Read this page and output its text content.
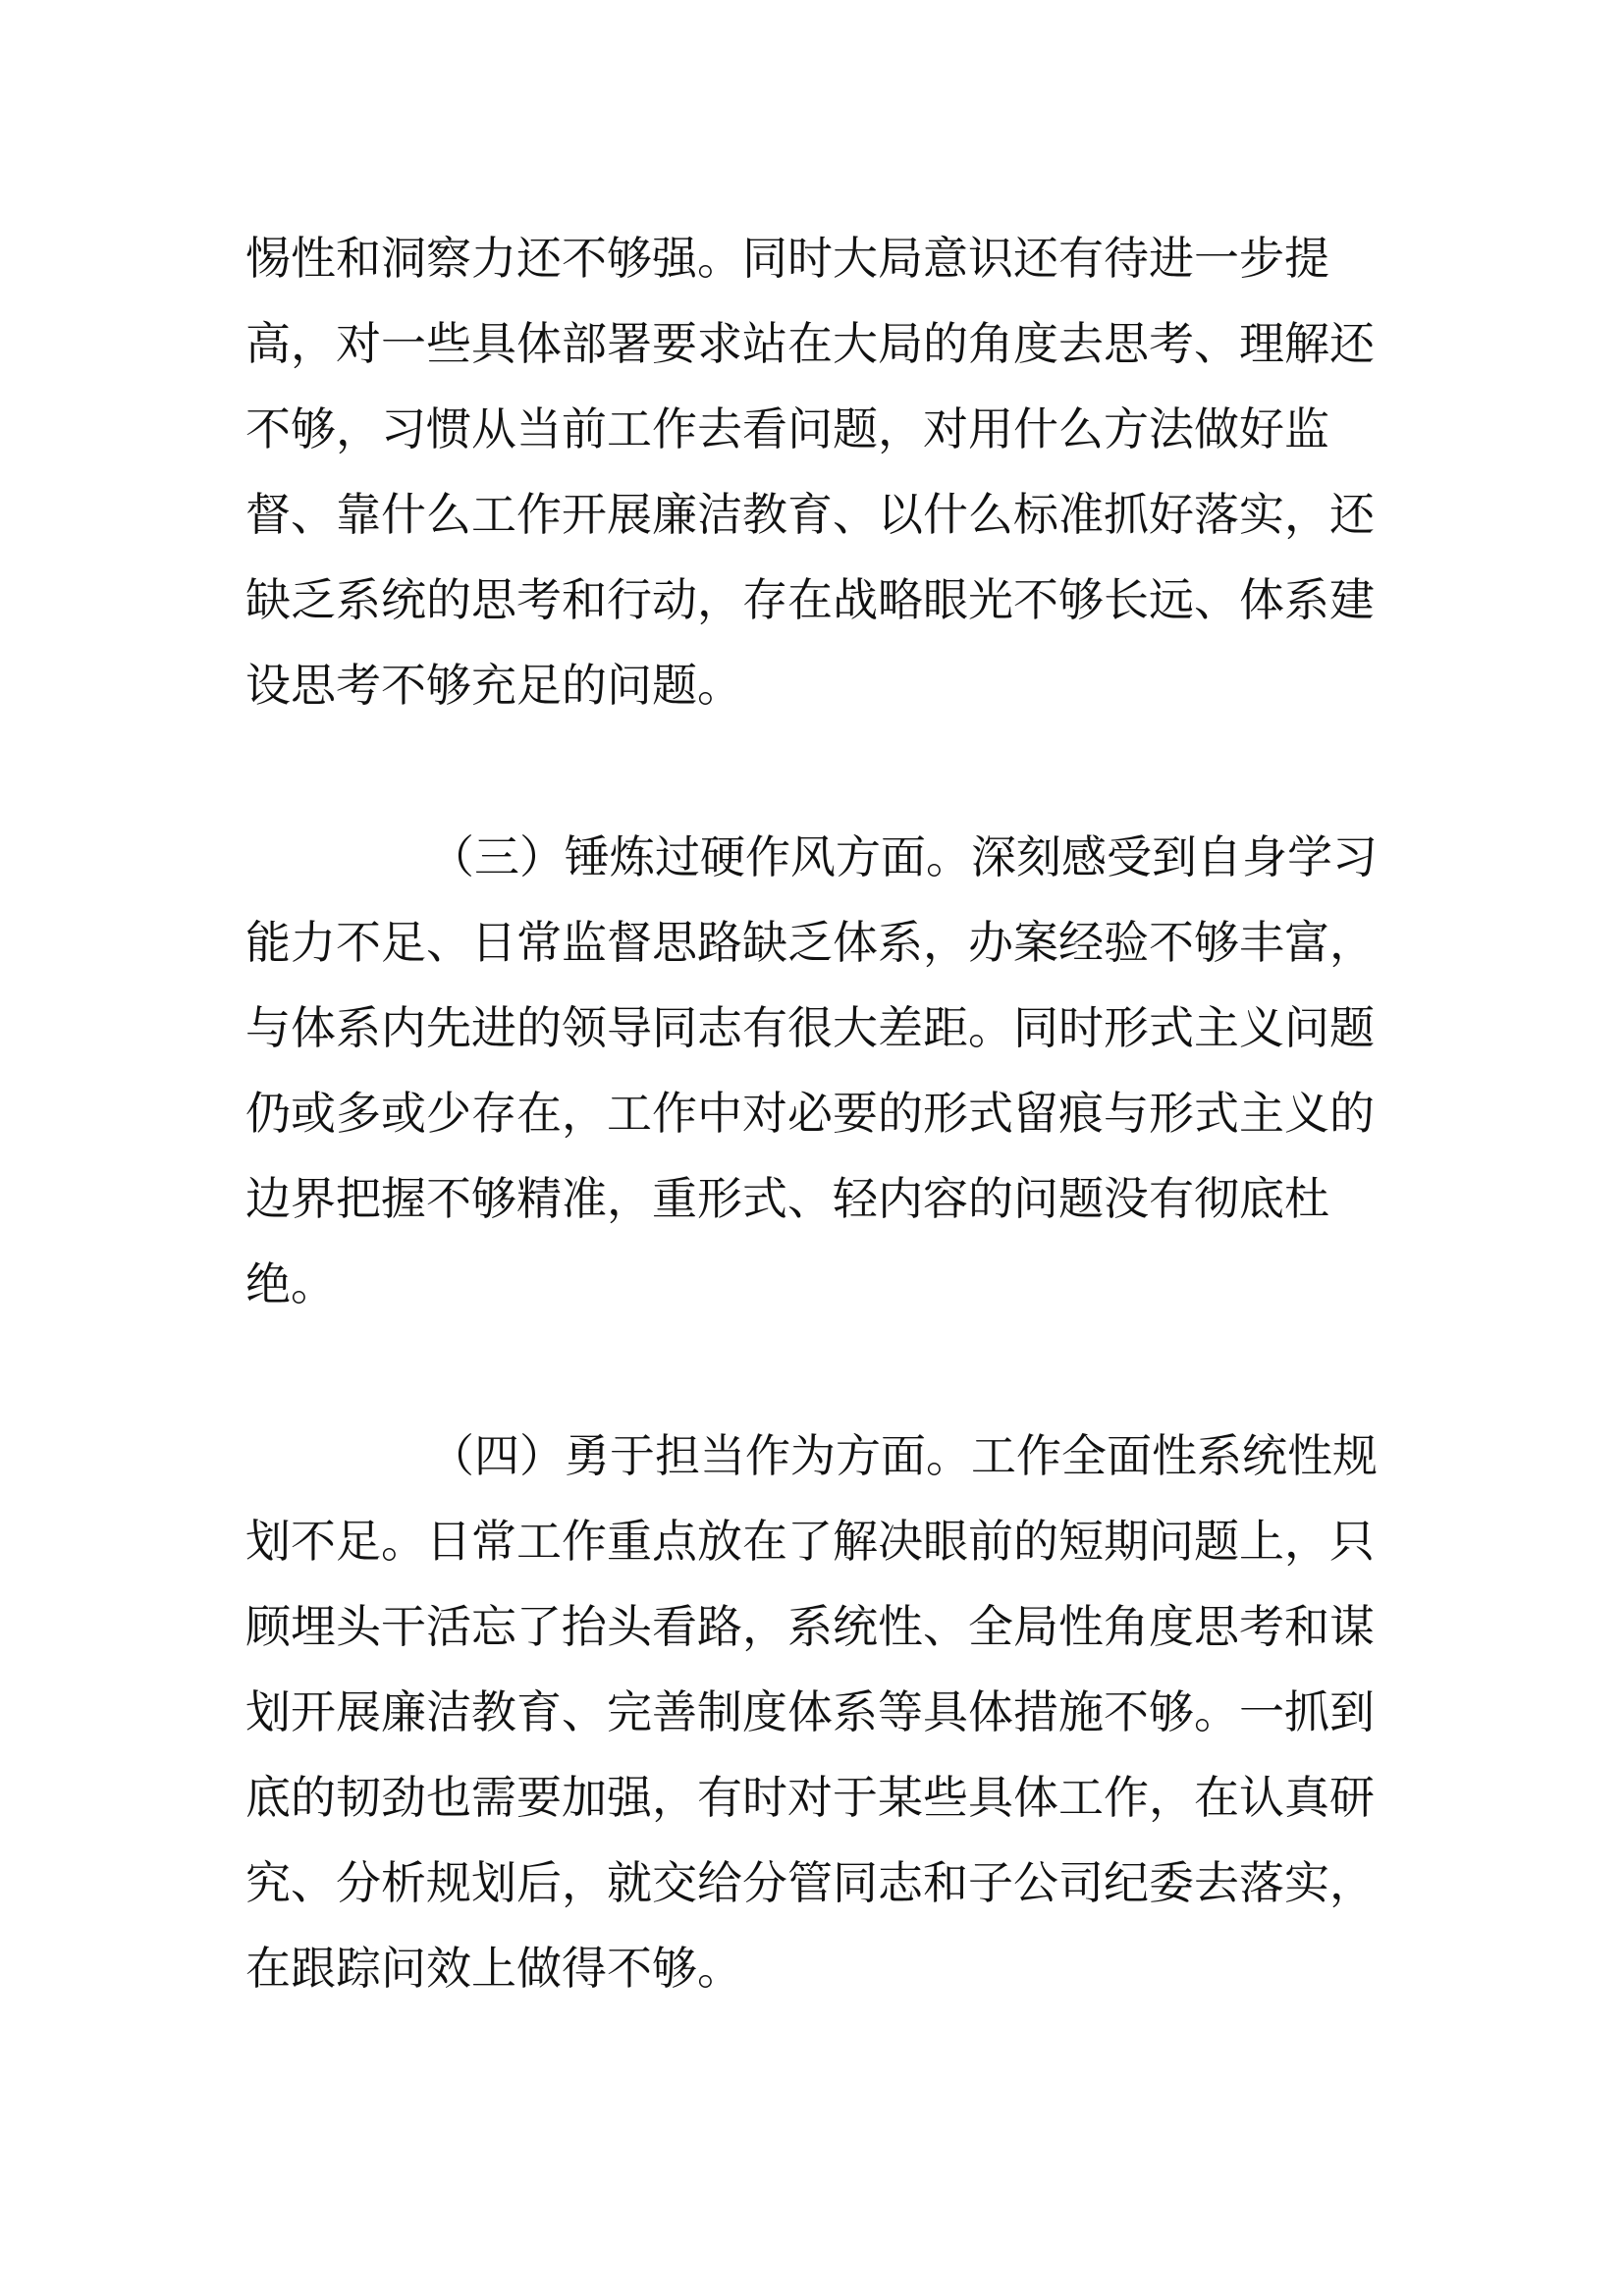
惕性和洞察力还不够强。同时大局意识还有待进一步提
高，对一些具体部署要求站在大局的角度去思考、理解还
不够，习惯从当前工作去看问题，对用什么方法做好监
督、靠什么工作开展廉洁教育、以什么标准抓好落实，还
缺乏系统的思考和行动，存在战略眼光不够长远、体系建
设思考不够充足的问题。
（三）锤炼过硬作风方面。深刻感受到自身学习
能力不足、日常监督思路缺乏体系，办案经验不够丰富，
与体系内先进的领导同志有很大差距。同时形式主义问题
仍或多或少存在，工作中对必要的形式留痕与形式主义的
边界把握不够精准，重形式、轻内容的问题没有彻底杜
绝。
（四）勇于担当作为方面。工作全面性系统性规
划不足。日常工作重点放在了解决眼前的短期问题上，只
顾埋头干活忘了抬头看路，系统性、全局性角度思考和谋
划开展廉洁教育、完善制度体系等具体措施不够。一抓到
底的韧劲也需要加强，有时对于某些具体工作，在认真研
究、分析规划后，就交给分管同志和子公司纪委去落实，
在跟踪问效上做得不够。
